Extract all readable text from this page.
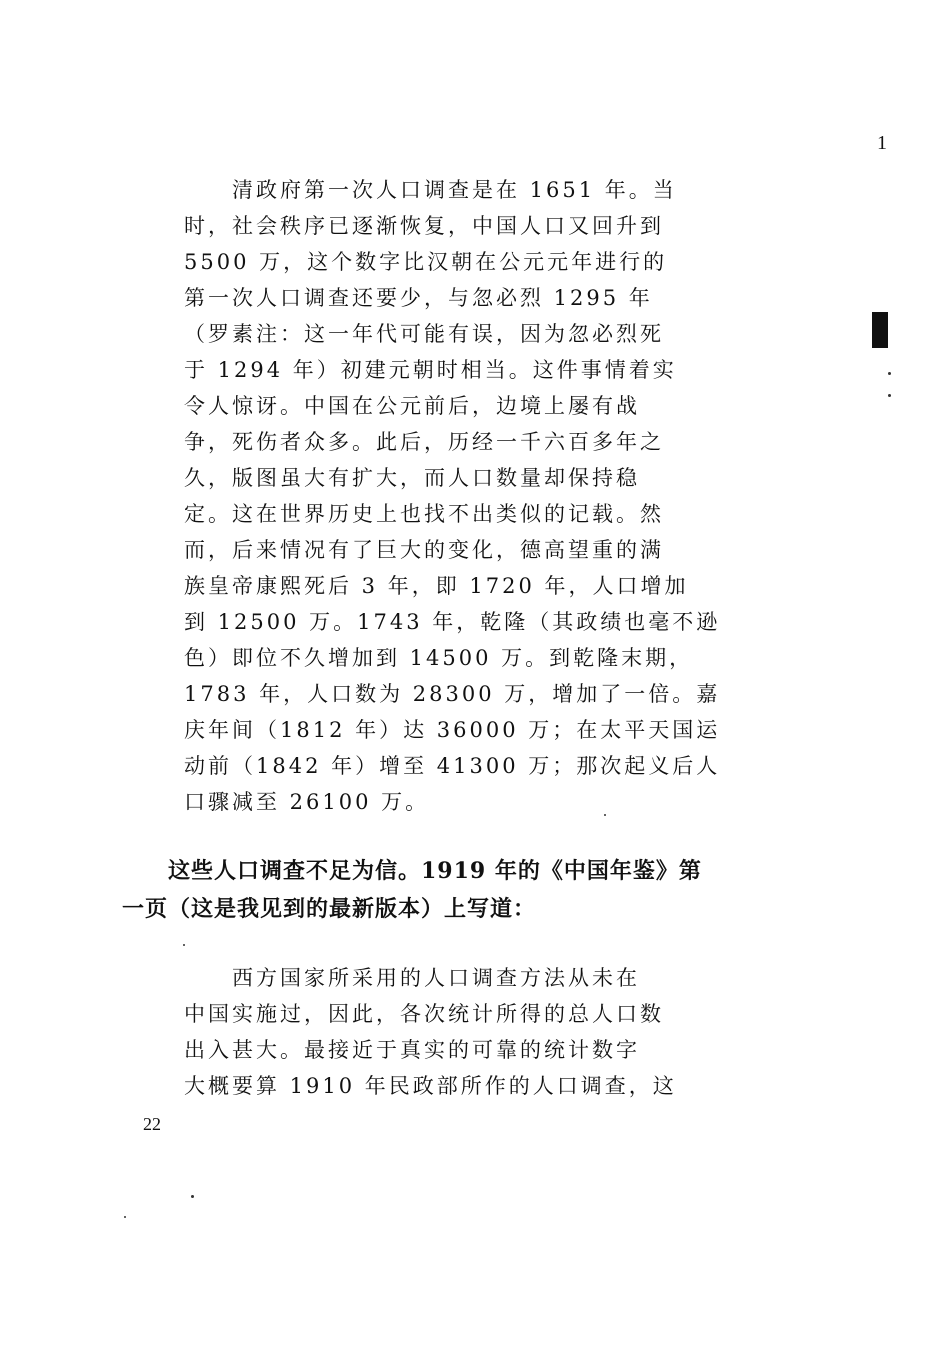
1
　　清政府第一次人口调查是在 1651 年。当
时，社会秩序已逐渐恢复，中国人口又回升到
5500 万，这个数字比汉朝在公元元年进行的
第一次人口调查还要少，与忽必烈 1295 年
（罗素注：这一年代可能有误，因为忽必烈死
于 1294 年）初建元朝时相当。这件事情着实
令人惊讶。中国在公元前后，边境上屡有战
争，死伤者众多。此后，历经一千六百多年之
久，版图虽大有扩大，而人口数量却保持稳
定。这在世界历史上也找不出类似的记载。然
而，后来情况有了巨大的变化，德高望重的满
族皇帝康熙死后 3 年，即 1720 年，人口增加
到 12500 万。1743 年，乾隆（其政绩也毫不逊
色）即位不久增加到 14500 万。到乾隆末期，
1783 年，人口数为 28300 万，增加了一倍。嘉
庆年间（1812 年）达 36000 万；在太平天国运
动前（1842 年）增至 41300 万；那次起义后人
口骤减至 26100 万。
　　这些人口调查不足为信。1919 年的《中国年鉴》第
一页（这是我见到的最新版本）上写道：
　　西方国家所采用的人口调查方法从未在
中国实施过，因此，各次统计所得的总人口数
出入甚大。最接近于真实的可靠的统计数字
大概要算 1910 年民政部所作的人口调查，这
22
